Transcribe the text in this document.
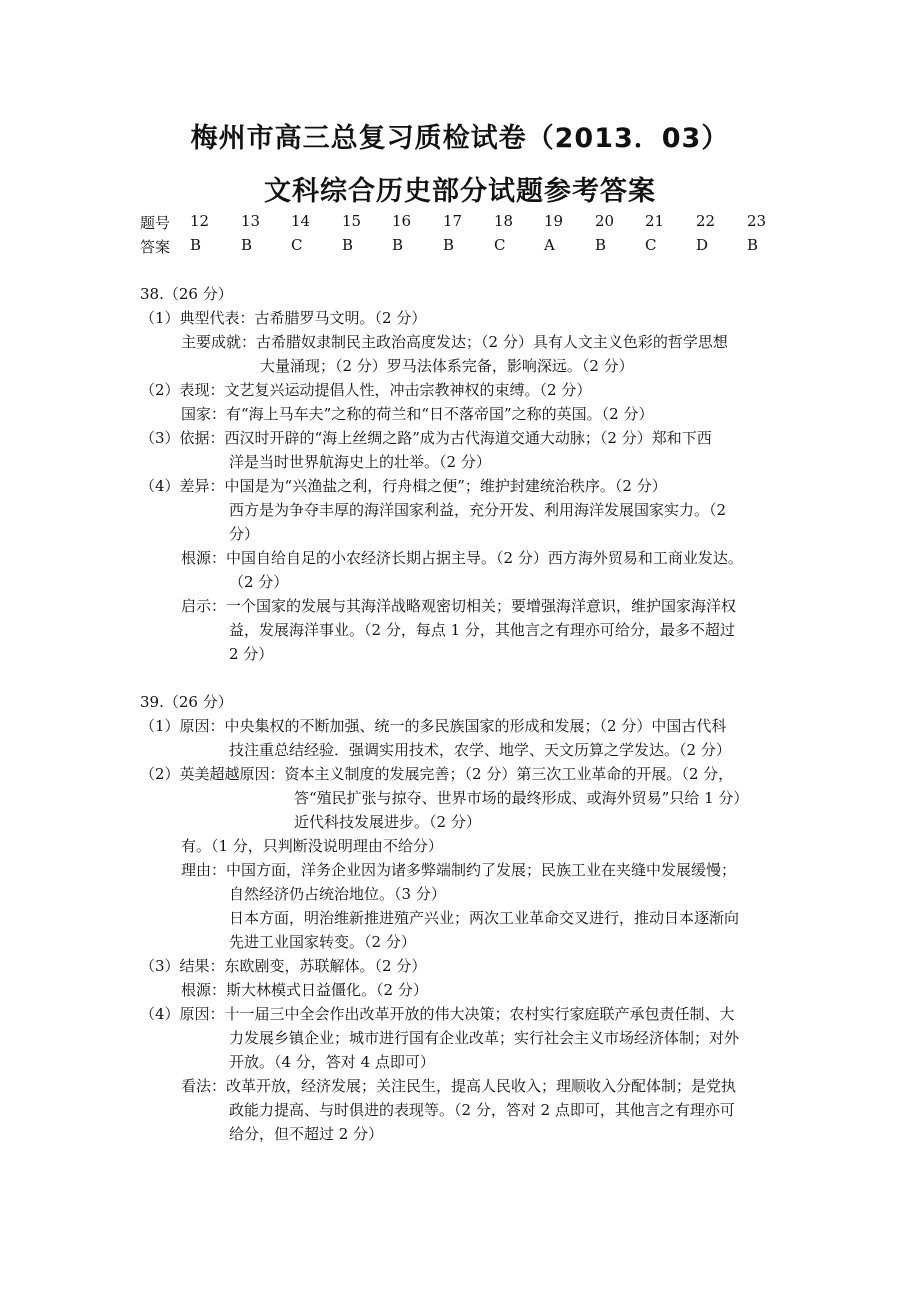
梅州市高三总复习质检试卷（2013．03）
文科综合历史部分试题参考答案
题号 12 13 14 15 16 17 18 19 20 21 22 23
答案 B	B	C	B	B	B	C	A	B	C	D	B
38.（26 分）
（1）典型代表：古希腊罗马文明。（2 分）
主要成就：古希腊奴隶制民主政治高度发达；（2 分）具有人文主义色彩的哲学思想
大量涌现；（2 分）罗马法体系完备，影响深远。（2 分）
（2）表现：文艺复兴运动提倡人性，冲击宗教神权的束缚。（2 分）
国家：有“海上马车夫”之称的荷兰和“日不落帝国”之称的英国。（2 分）
（3）依据：西汉时开辟的“海上丝绸之路”成为古代海道交通大动脉；（2 分）郑和下西
洋是当时世界航海史上的壮举。（2 分）
（4）差异：中国是为“兴渔盐之利，行舟楫之便”；维护封建统治秩序。（2 分）
西方是为争夺丰厚的海洋国家利益，充分开发、利用海洋发展国家实力。（2
分）
根源：中国自给自足的小农经济长期占据主导。（2 分）西方海外贸易和工商业发达。
（2 分）
启示：一个国家的发展与其海洋战略观密切相关；要增强海洋意识，维护国家海洋权
益，发展海洋事业。（2 分，每点 1 分，其他言之有理亦可给分，最多不超过
2 分）
39.（26 分）
（1）原因：中央集权的不断加强、统一的多民族国家的形成和发展；（2 分）中国古代科
技注重总结经验．强调实用技术，农学、地学、天文历算之学发达。（2 分）
（2）英美超越原因：资本主义制度的发展完善；（2 分）第三次工业革命的开展。（2 分，
答“殖民扩张与掠夺、世界市场的最终形成、或海外贸易”只给 1 分）
近代科技发展进步。（2 分）
有。（1 分，只判断没说明理由不给分）
理由：中国方面，洋务企业因为诸多弊端制约了发展；民族工业在夹缝中发展缓慢；
自然经济仍占统治地位。（3 分）
日本方面，明治维新推进殖产兴业；两次工业革命交叉进行，推动日本逐渐向
先进工业国家转变。（2 分）
（3）结果：东欧剧变，苏联解体。（2 分）
根源：斯大林模式日益僵化。（2 分）
（4）原因：十一届三中全会作出改革开放的伟大决策；农村实行家庭联产承包责任制、大
力发展乡镇企业；城市进行国有企业改革；实行社会主义市场经济体制；对外
开放。（4 分，答对 4 点即可）
看法：改革开放，经济发展；关注民生，提高人民收入；理顺收入分配体制；是党执
政能力提高、与时俱进的表现等。（2 分，答对 2 点即可，其他言之有理亦可
给分，但不超过 2 分）
